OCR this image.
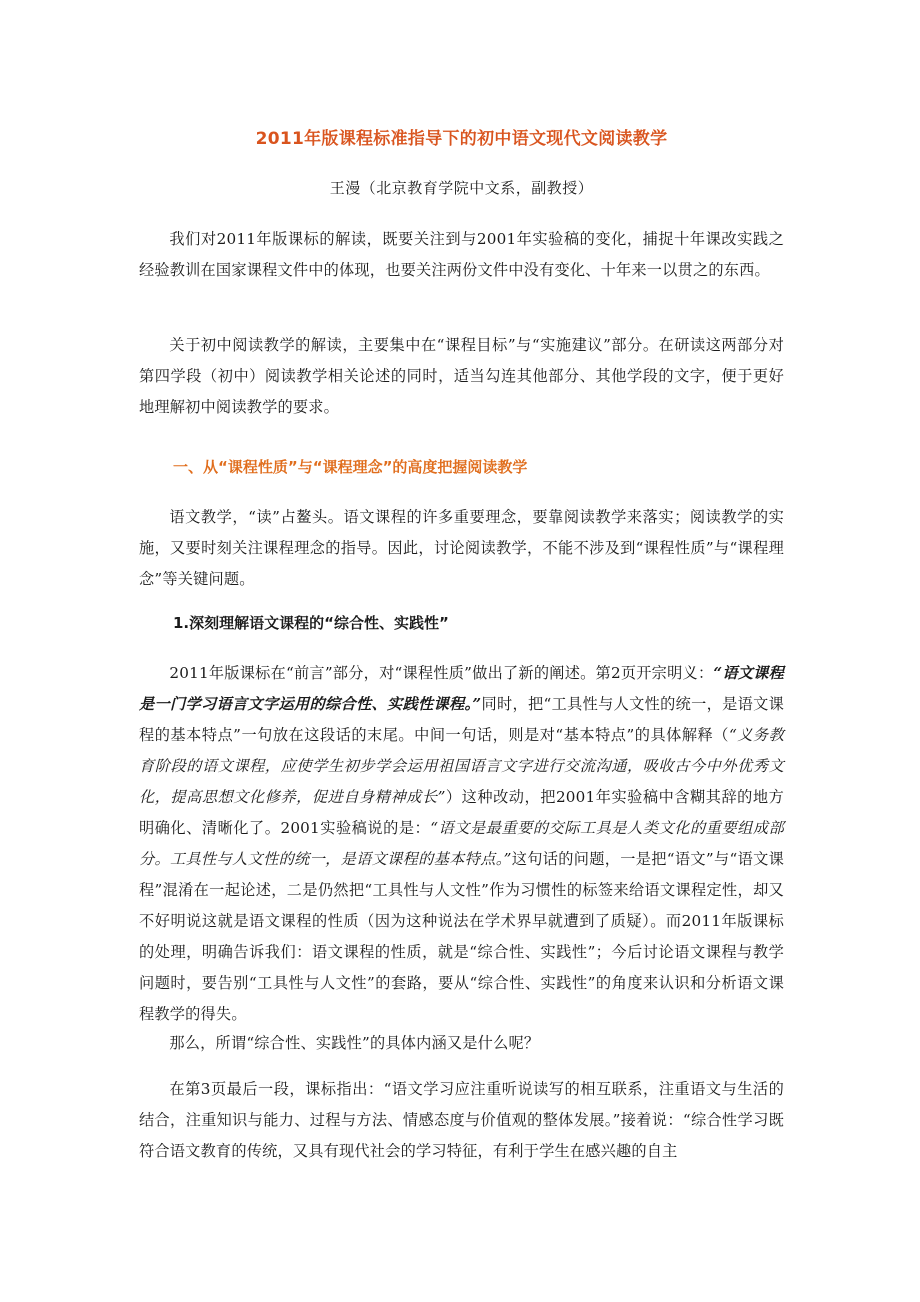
2011年版课程标准指导下的初中语文现代文阅读教学
王漫（北京教育学院中文系，副教授）

我们对2011年版课标的解读，既要关注到与2001年实验稿的变化，捕捉十年课改实践之经验教训在国家课程文件中的体现，也要关注两份文件中没有变化、十年来一以贯之的东西。

关于初中阅读教学的解读，主要集中在“课程目标”与“实施建议”部分。在研读这两部分对第四学段（初中）阅读教学相关论述的同时，适当勾连其他部分、其他学段的文字，便于更好地理解初中阅读教学的要求。

一、从“课程性质”与“课程理念”的高度把握阅读教学

语文教学，“读”占鳌头。语文课程的许多重要理念，要靠阅读教学来落实；阅读教学的实施，又要时刻关注课程理念的指导。因此，讨论阅读教学，不能不涉及到“课程性质”与“课程理念”等关键问题。

1.深刻理解语文课程的“综合性、实践性”

2011年版课标在“前言”部分，对“课程性质”做出了新的阐述。第2页开宗明义：“语文课程是一门学习语言文字运用的综合性、实践性课程。”同时，把“工具性与人文性的统一，是语文课程的基本特点”一句放在这段话的末尾。中间一句话，则是对“基本特点”的具体解释（“义务教育阶段的语文课程，应使学生初步学会运用祖国语言文字进行交流沟通，吸收古今中外优秀文化，提高思想文化修养，促进自身精神成长”）这种改动，把2001年实验稿中含糊其辞的地方明确化、清晰化了。2001实验稿说的是：“语文是最重要的交际工具是人类文化的重要组成部分。工具性与人文性的统一，是语文课程的基本特点。”这句话的问题，一是把“语文”与“语文课程”混淆在一起论述，二是仍然把“工具性与人文性”作为习惯性的标签来给语文课程定性，却又不好明说这就是语文课程的性质（因为这种说法在学术界早就遭到了质疑）。而2011年版课标的处理，明确告诉我们：语文课程的性质，就是“综合性、实践性”；今后讨论语文课程与教学问题时，要告别“工具性与人文性”的套路，要从“综合性、实践性”的角度来认识和分析语文课程教学的得失。

那么，所谓“综合性、实践性”的具体内涵又是什么呢？

在第3页最后一段，课标指出：“语文学习应注重听说读写的相互联系，注重语文与生活的结合，注重知识与能力、过程与方法、情感态度与价值观的整体发展。”接着说：“综合性学习既符合语文教育的传统，又具有现代社会的学习特征，有利于学生在感兴趣的自主
